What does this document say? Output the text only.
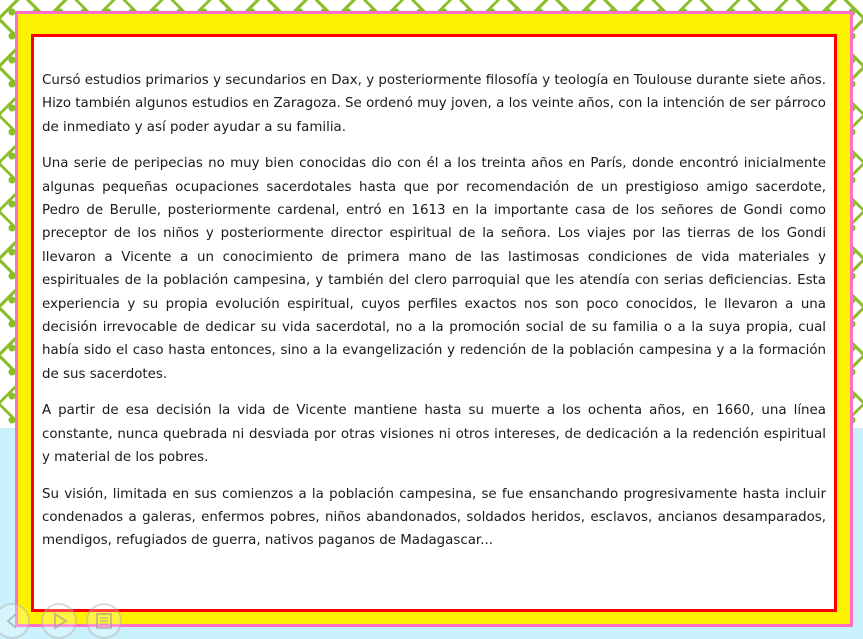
Cursó estudios primarios y secundarios en Dax, y posteriormente filosofía y teología en Toulouse durante siete años. Hizo también algunos estudios en Zaragoza. Se ordenó muy joven, a los veinte años, con la intención de ser párroco de inmediato y así poder ayudar a su familia.

Una serie de peripecias no muy bien conocidas dio con él a los treinta años en París, donde encontró inicialmente algunas pequeñas ocupaciones sacerdotales hasta que por recomendación de un prestigioso amigo sacerdote, Pedro de Berulle, posteriormente cardenal, entró en 1613 en la importante casa de los señores de Gondi como preceptor de los niños y posteriormente director espiritual de la señora. Los viajes por las tierras de los Gondi llevaron a Vicente a un conocimiento de primera mano de las lastimosas condiciones de vida materiales y espirituales de la población campesina, y también del clero parroquial que les atendía con serias deficiencias. Esta experiencia y su propia evolución espiritual, cuyos perfiles exactos nos son poco conocidos, le llevaron a una decisión irrevocable de dedicar su vida sacerdotal, no a la promoción social de su familia o a la suya propia, cual había sido el caso hasta entonces, sino a la evangelización y redención de la población campesina y a la formación de sus sacerdotes.

A partir de esa decisión la vida de Vicente mantiene hasta su muerte a los ochenta años, en 1660, una línea constante, nunca quebrada ni desviada por otras visiones ni otros intereses, de dedicación a la redención espiritual y material de los pobres.

Su visión, limitada en sus comienzos a la población campesina, se fue ensanchando progresivamente hasta incluir condenados a galeras, enfermos pobres, niños abandonados, soldados heridos, esclavos, ancianos desamparados, mendigos, refugiados de guerra, nativos paganos de Madagascar...
